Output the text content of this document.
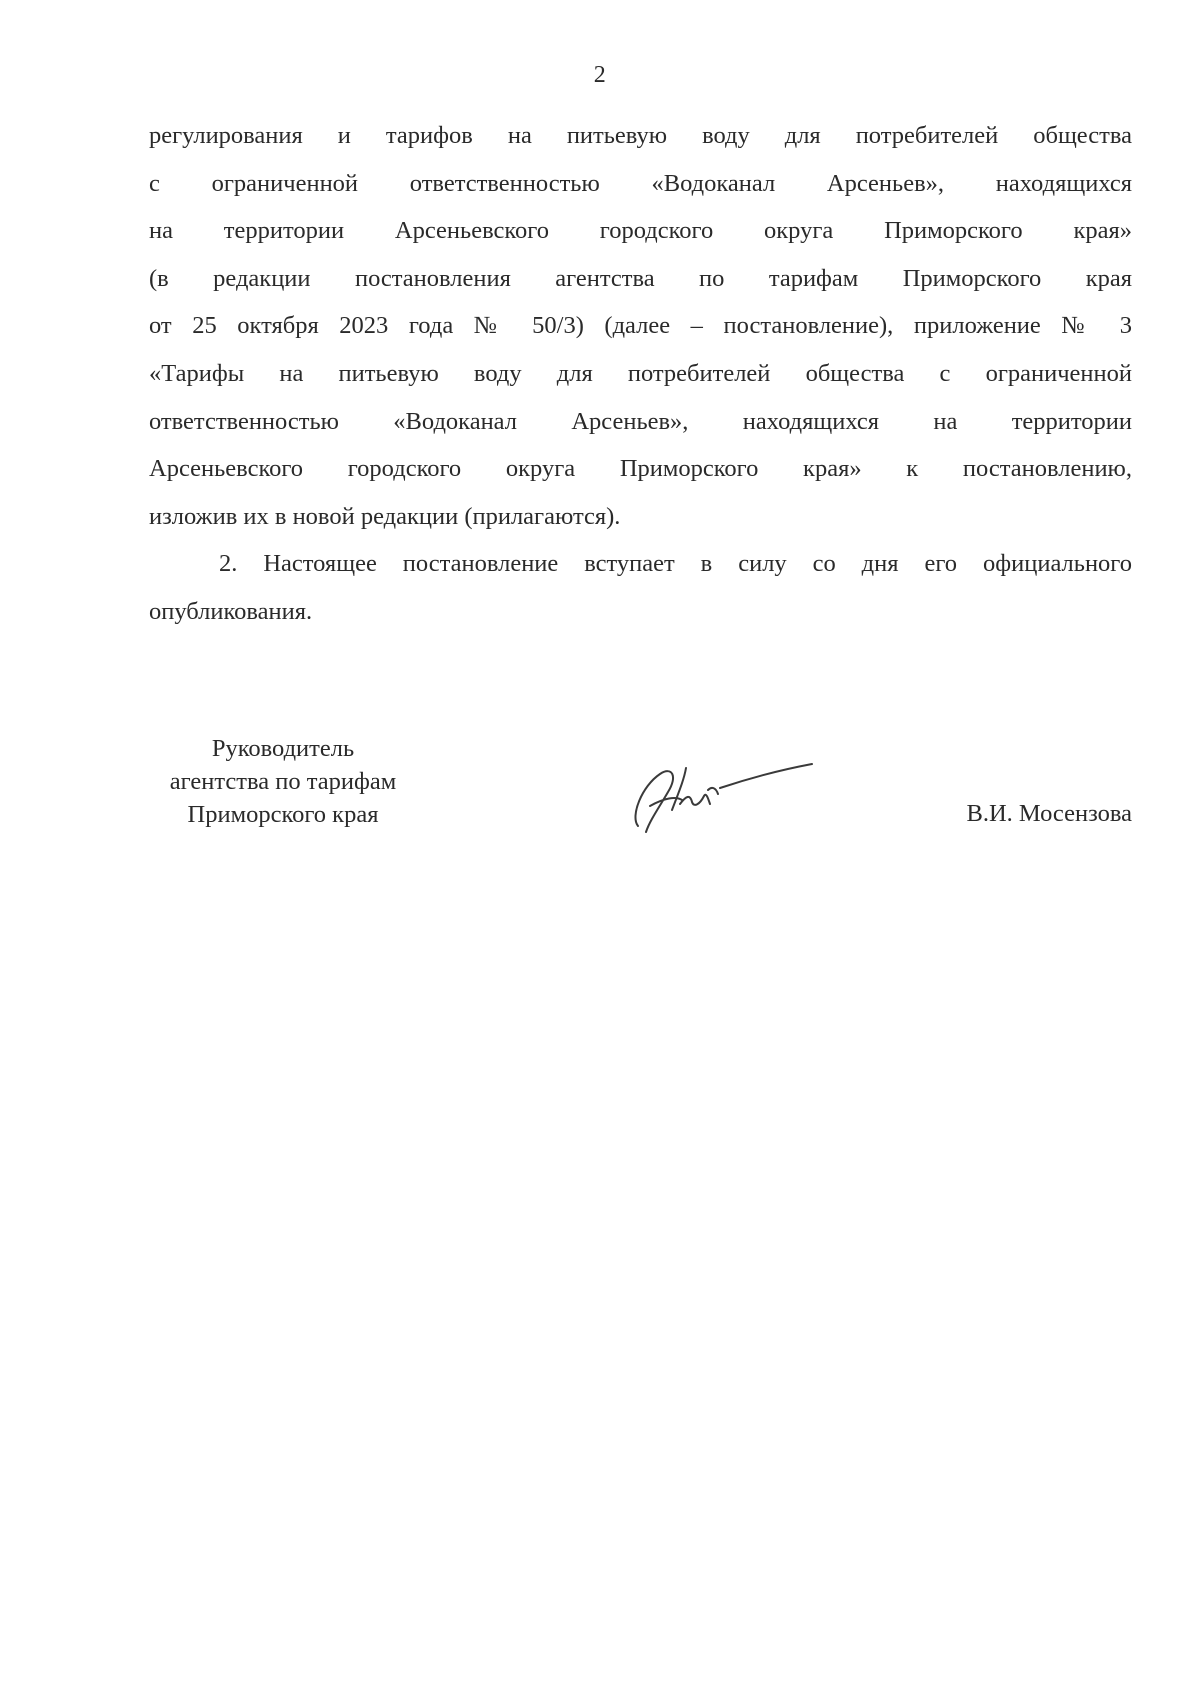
2
регулирования и тарифов на питьевую воду для потребителей общества
с ограниченной ответственностью «Водоканал Арсеньев», находящихся
на территории Арсеньевского городского округа Приморского края»
(в редакции постановления агентства по тарифам Приморского края
от 25 октября 2023 года № 50/3) (далее – постановление), приложение № 3
«Тарифы на питьевую воду для потребителей общества с ограниченной
ответственностью «Водоканал Арсеньев», находящихся на территории
Арсеньевского городского округа Приморского края» к постановлению,
изложив их в новой редакции (прилагаются).
2. Настоящее постановление вступает в силу со дня его официального
опубликования.
Руководитель
агентства по тарифам
Приморского края	В.И. Мосензова
